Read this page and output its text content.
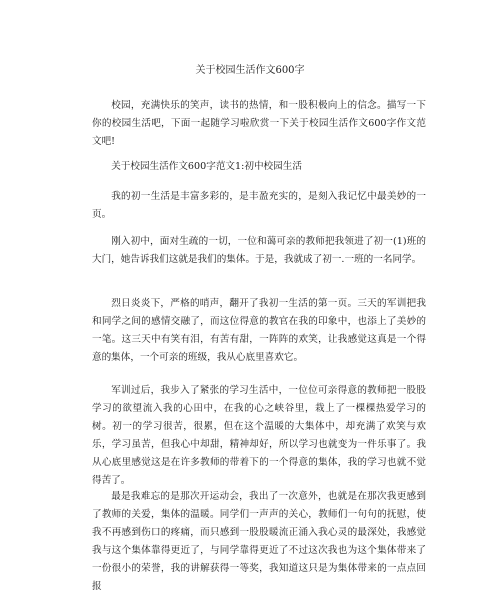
关于校园生活作文600字

校园，充满快乐的笑声，读书的热情，和一股积极向上的信念。描写一下你的校园生活吧，下面一起随学习啦欣赏一下关于校园生活作文600字作文范文吧!

关于校园生活作文600字范文1:初中校园生活

我的初一生活是丰富多彩的，是丰盈充实的，是刻入我记忆中最美妙的一页。

刚入初中，面对生疏的一切，一位和蔼可亲的教师把我领进了初一(1)班的大门，她告诉我们这就是我们的集体。于是，我就成了初一.一班的一名同学。

烈日炎炎下，严格的哨声，翻开了我初一生活的第一页。三天的军训把我和同学之间的感情交融了，而这位得意的教官在我的印象中，也添上了美妙的一笔。这三天中有笑有泪，有苦有甜，一阵阵的欢笑，让我感觉这真是一个得意的集体，一个可亲的班级，我从心底里喜欢它。

军训过后，我步入了紧张的学习生活中，一位位可亲得意的教师把一股股学习的欲望流入我的心田中，在我的心之峡谷里，栽上了一棵棵热爱学习的树。初一的学习很苦，很累，但在这个温暖的大集体中，却充满了欢笑与欢乐，学习虽苦，但我心中却甜，精神却好，所以学习也就变为一件乐事了。我从心底里感觉这是在许多教师的带着下的一个得意的集体，我的学习也就不觉得苦了。

最是我难忘的是那次开运动会，我出了一次意外，也就是在那次我更感到了教师的关爱，集体的温暖。同学们一声声的关心，教师们一句句的抚慰，使我不再感到伤口的疼痛，而只感到一股股暖流正涌入我心灵的最深处，我感觉我与这个集体靠得更近了，与同学靠得更近了不过这次我也为这个集体带来了一份很小的荣誉，我的讲解获得一等奖，我知道这只是为集体带来的一点点回报
